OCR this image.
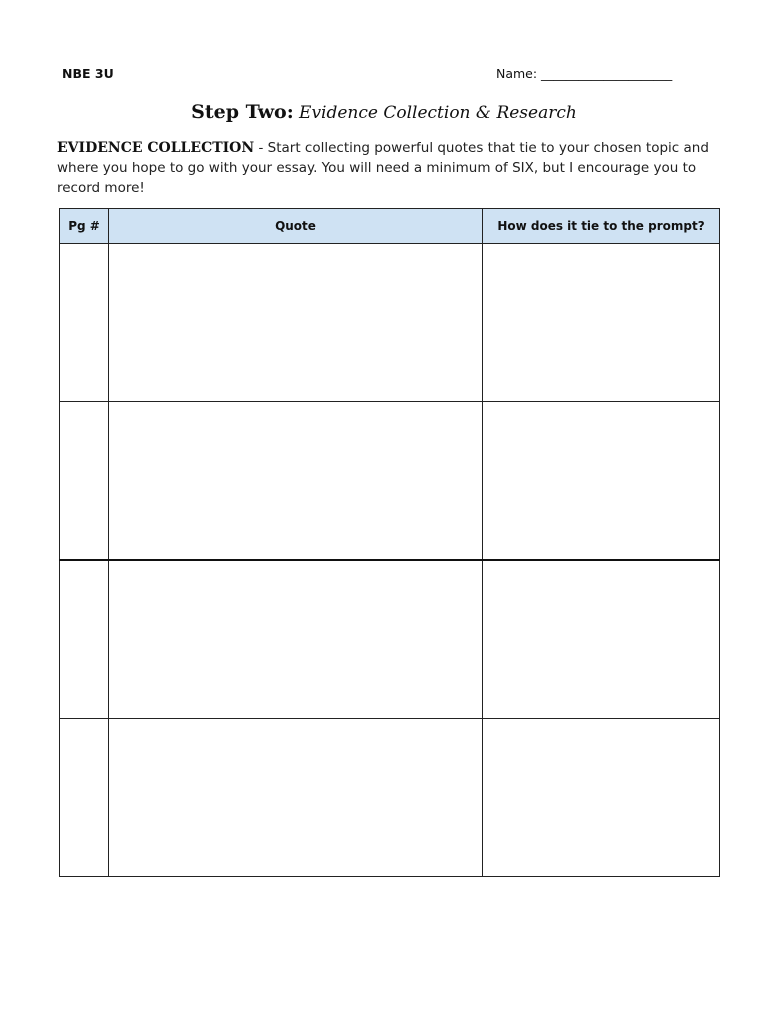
NBE 3U	Name: _____________________
Step Two: Evidence Collection & Research
EVIDENCE COLLECTION - Start collecting powerful quotes that tie to your chosen topic and where you hope to go with your essay. You will need a minimum of SIX, but I encourage you to record more!
Pg #	Quote	How does it tie to the prompt?
